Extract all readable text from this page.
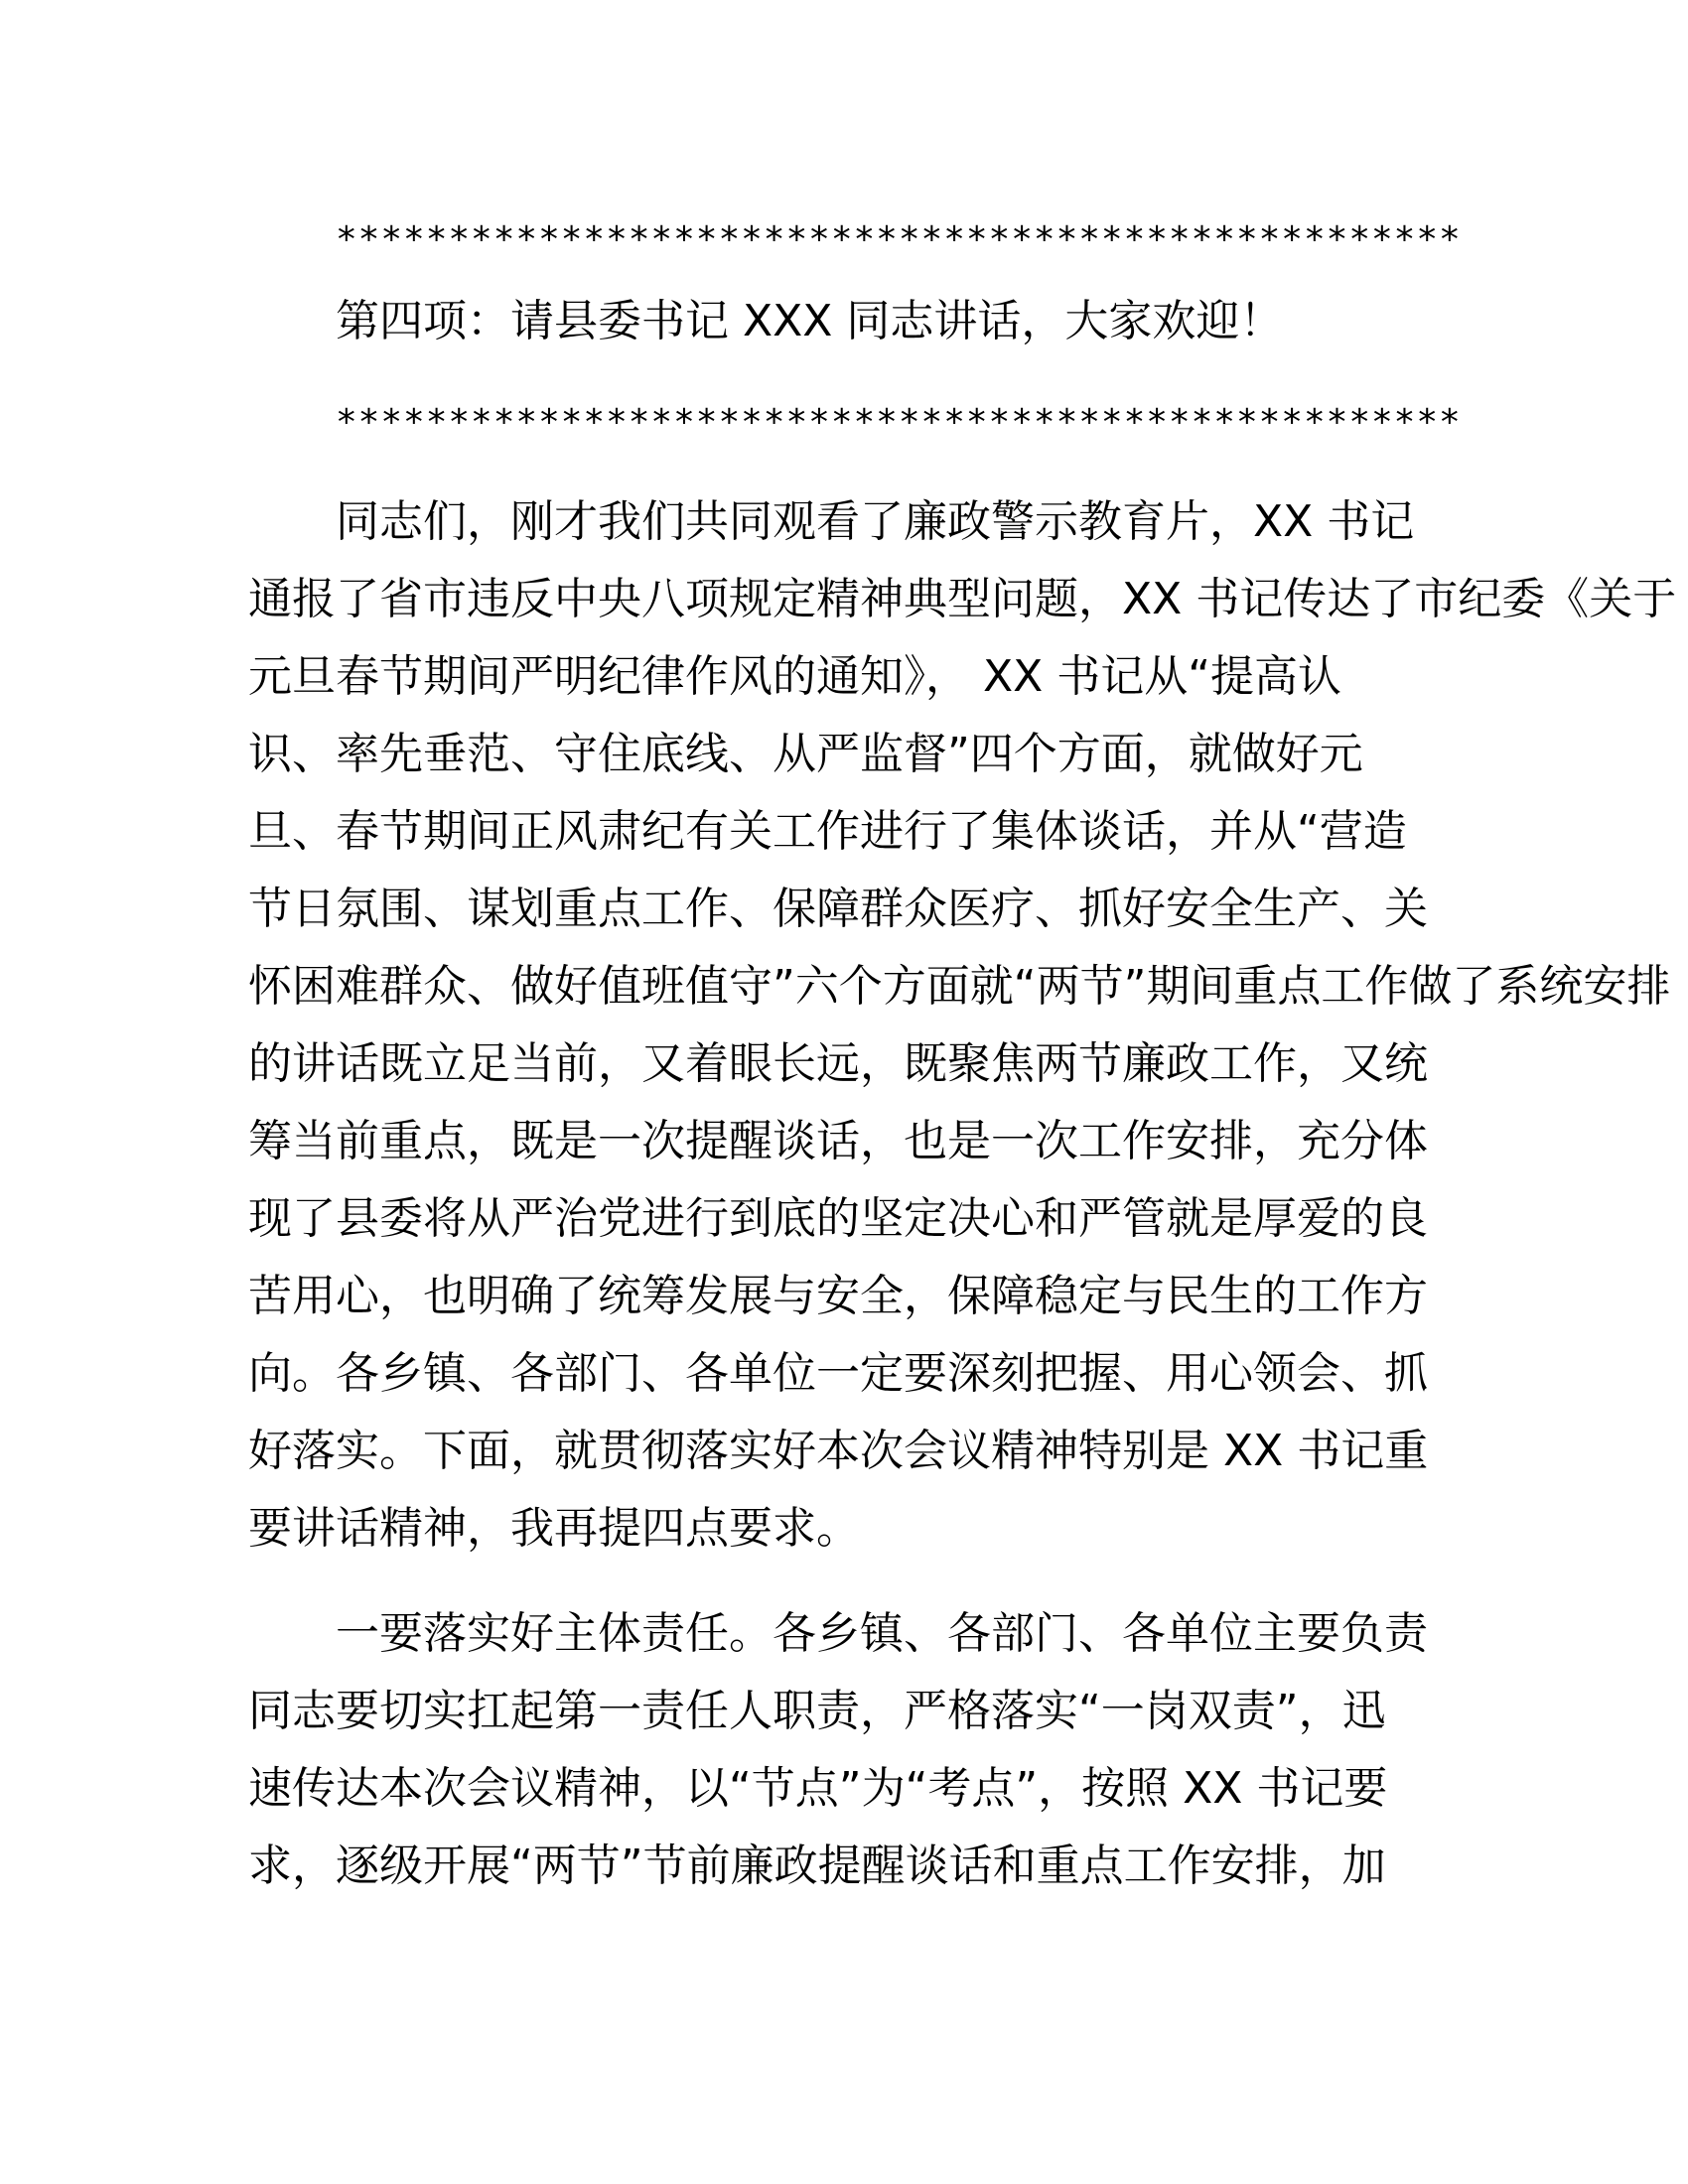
**************************************************
第四项：请县委书记 XXX 同志讲话，大家欢迎！
**************************************************
同志们，刚才我们共同观看了廉政警示教育片，XX 书记
通报了省市违反中央八项规定精神典型问题，XX 书记传达了市纪委《关于
元旦春节期间严明纪律作风的通知》， XX 书记从“提高认
识、率先垂范、守住底线、从严监督”四个方面，就做好元
旦、春节期间正风肃纪有关工作进行了集体谈话，并从“营造
节日氛围、谋划重点工作、保障群众医疗、抓好安全生产、关
怀困难群众、做好值班值守”六个方面就“两节”期间重点工作做了系统安排
的讲话既立足当前，又着眼长远，既聚焦两节廉政工作，又统
筹当前重点，既是一次提醒谈话，也是一次工作安排，充分体
现了县委将从严治党进行到底的坚定决心和严管就是厚爱的良
苦用心，也明确了统筹发展与安全，保障稳定与民生的工作方
向。各乡镇、各部门、各单位一定要深刻把握、用心领会、抓
好落实。下面，就贯彻落实好本次会议精神特别是 XX 书记重
要讲话精神，我再提四点要求。
一要落实好主体责任。各乡镇、各部门、各单位主要负责
同志要切实扛起第一责任人职责，严格落实“一岗双责”，迅
速传达本次会议精神，以“节点”为“考点”，按照 XX 书记要
求，逐级开展“两节”节前廉政提醒谈话和重点工作安排，加
